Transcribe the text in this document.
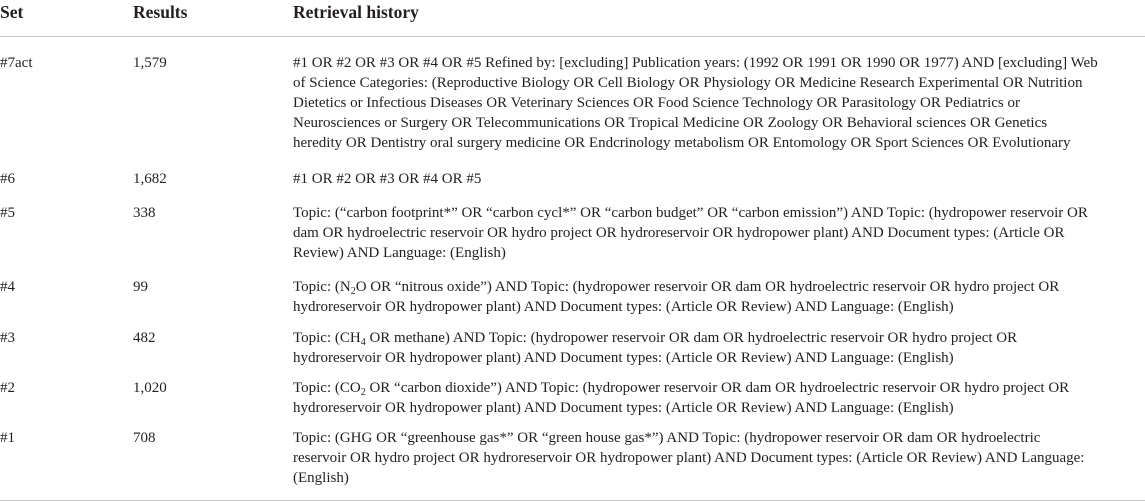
Set	Results	Retrieval history
#7act	1,579	#1 OR #2 OR #3 OR #4 OR #5 Refined by: [excluding] Publication years: (1992 OR 1991 OR 1990 OR 1977) AND [excluding] Web
of Science Categories: (Reproductive Biology OR Cell Biology OR Physiology OR Medicine Research Experimental OR Nutrition
Dietetics or Infectious Diseases OR Veterinary Sciences OR Food Science Technology OR Parasitology OR Pediatrics or
Neurosciences or Surgery OR Telecommunications OR Tropical Medicine OR Zoology OR Behavioral sciences OR Genetics
heredity OR Dentistry oral surgery medicine OR Endcrinology metabolism OR Entomology OR Sport Sciences OR Evolutionary
#6	1,682	#1 OR #2 OR #3 OR #4 OR #5
#5	338	Topic: (“carbon footprint*” OR “carbon cycl*” OR “carbon budget” OR “carbon emission”) AND Topic: (hydropower reservoir OR
dam OR hydroelectric reservoir OR hydro project OR hydroreservoir OR hydropower plant) AND Document types: (Article OR
Review) AND Language: (English)
#4	99	Topic: ($N_2O$ OR “nitrous oxide”) AND Topic: (hydropower reservoir OR dam OR hydroelectric reservoir OR hydro project OR
hydroreservoir OR hydropower plant) AND Document types: (Article OR Review) AND Language: (English)
#3	482	Topic: ($CH_4$ OR methane) AND Topic: (hydropower reservoir OR dam OR hydroelectric reservoir OR hydro project OR
hydroreservoir OR hydropower plant) AND Document types: (Article OR Review) AND Language: (English)
#2	1,020	Topic: ($CO_2$ OR “carbon dioxide”) AND Topic: (hydropower reservoir OR dam OR hydroelectric reservoir OR hydro project OR
hydroreservoir OR hydropower plant) AND Document types: (Article OR Review) AND Language: (English)
#1	708	Topic: (GHG OR “greenhouse gas*” OR “green house gas*”) AND Topic: (hydropower reservoir OR dam OR hydroelectric
reservoir OR hydro project OR hydroreservoir OR hydropower plant) AND Document types: (Article OR Review) AND Language:
(English)
